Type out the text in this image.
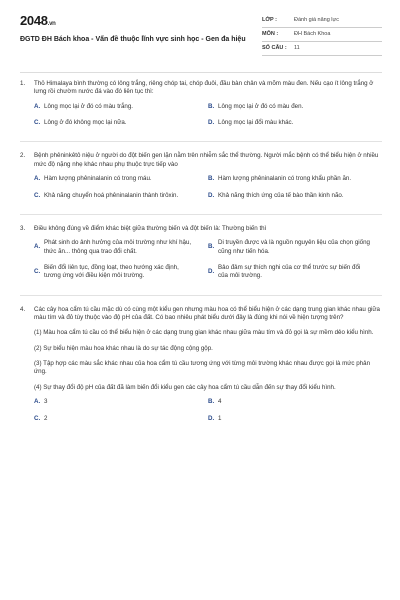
2048.vn
ĐGTD ĐH Bách khoa - Vấn đề thuộc lĩnh vực sinh học - Gen đa hiệu
LỚP :	Đánh giá năng lực
MÔN :	ĐH Bách Khoa
SỐ CÂU :	11
1.	Thỏ Himalaya bình thường có lông trắng, riêng chóp tai, chóp đuôi, đầu bàn chân và mõm màu đen. Nếu cạo ít lông trắng ở lưng rồi chườm nước đá vào đó liên tục thì:
A. Lông mọc lại ở đó có màu trắng.	B. Lông mọc lại ở đó có màu đen.
C. Lông ở đó không mọc lại nữa.	D. Lông mọc lại đổi màu khác.
2.	Bệnh phêninkêtô niệu ở người do đột biến gen lặn nằm trên nhiễm sắc thể thường. Người mắc bệnh có thể biểu hiện ở nhiều mức độ nặng nhẹ khác nhau phụ thuộc trực tiếp vào
A. Hàm lượng phêninalanin có trong máu.	B. Hàm lượng phêninalanin có trong khẩu phần ăn.
C. Khả năng chuyển hoá phêninalanin thành tirôxin.	D. Khả năng thích ứng của tế bào thần kinh não.
3.	Điều không đúng về điểm khác biệt giữa thường biến và đột biến là: Thường biến thì
A.
Phát sinh do ảnh hưởng của môi trường như khí hậu, thức ăn... thông qua trao đổi chất.
B.
Di truyền được và là nguồn nguyên liệu của chọn giống cũng như tiến hóa.
C.
Biến đổi liên tục, đồng loạt, theo hướng xác định, tương ứng với điều kiện môi trường.
D.
Bảo đảm sự thích nghi của cơ thể trước sự biến đổi của môi trường.
4.	Các cây hoa cẩm tú cầu mặc dù có cùng một kiểu gen nhưng màu hoa có thể biểu hiện ở các dạng trung gian khác nhau giữa màu tím và đỏ tùy thuộc vào độ pH của đất. Có bao nhiêu phát biểu dưới đây là đúng khi nói về hiện tượng trên?
(1) Màu hoa cẩm tú cầu có thể biểu hiện ở các dạng trung gian khác nhau giữa màu tím và đỏ gọi là sự mềm dẻo kiểu hình.
(2) Sự biểu hiện màu hoa khác nhau là do sự tác động cộng gộp.
(3) Tập hợp các màu sắc khác nhau của hoa cẩm tú cầu tương ứng với từng môi trường khác nhau được gọi là mức phản ứng.
(4) Sự thay đổi độ pH của đất đã làm biến đổi kiểu gen các cây hoa cẩm tú cầu dẫn đến sự thay đổi kiểu hình.
A. 3	B. 4
C. 2	D. 1
